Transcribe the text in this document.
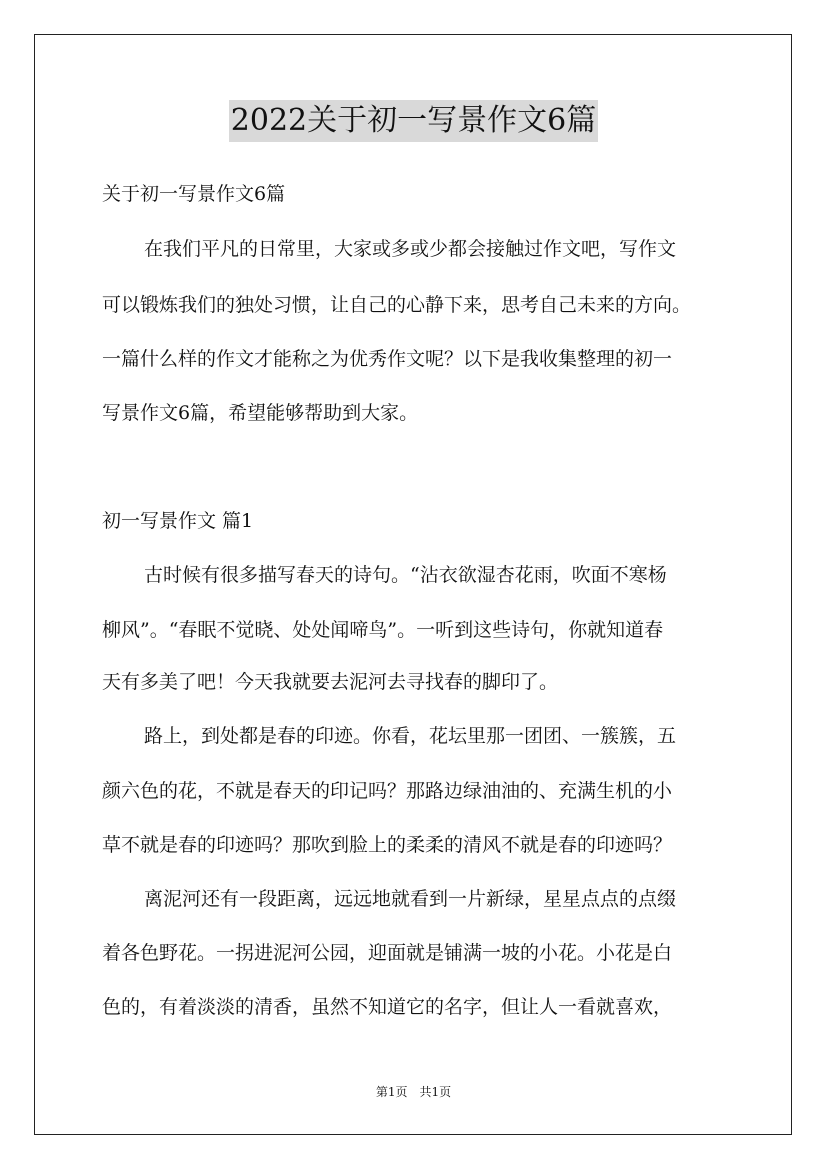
2022关于初一写景作文6篇
关于初一写景作文6篇
在我们平凡的日常里，大家或多或少都会接触过作文吧，写作文
可以锻炼我们的独处习惯，让自己的心静下来，思考自己未来的方向。
一篇什么样的作文才能称之为优秀作文呢？以下是我收集整理的初一
写景作文6篇，希望能够帮助到大家。
初一写景作文 篇1
古时候有很多描写春天的诗句。“沾衣欲湿杏花雨，吹面不寒杨
柳风”。“春眠不觉晓、处处闻啼鸟”。一听到这些诗句，你就知道春
天有多美了吧！今天我就要去泥河去寻找春的脚印了。
路上，到处都是春的印迹。你看，花坛里那一团团、一簇簇，五
颜六色的花，不就是春天的印记吗？那路边绿油油的、充满生机的小
草不就是春的印迹吗？那吹到脸上的柔柔的清风不就是春的印迹吗？
离泥河还有一段距离，远远地就看到一片新绿，星星点点的点缀
着各色野花。一拐进泥河公园，迎面就是铺满一坡的小花。小花是白
色的，有着淡淡的清香，虽然不知道它的名字，但让人一看就喜欢，
第1页 共1页
